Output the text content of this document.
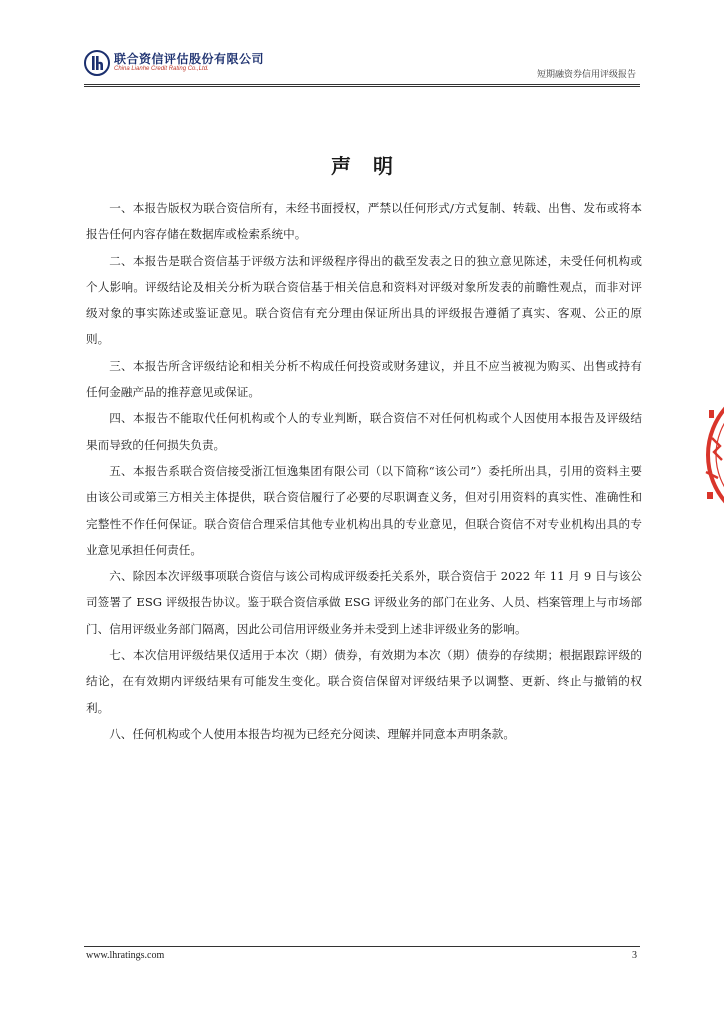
联合资信评估股份有限公司
China Lianhe Credit Rating Co.,Ltd.
短期融资券信用评级报告
声明

一、本报告版权为联合资信所有，未经书面授权，严禁以任何形式/方式复制、转载、出售、发布或将本报告任何内容存储在数据库或检索系统中。

二、本报告是联合资信基于评级方法和评级程序得出的截至发表之日的独立意见陈述，未受任何机构或个人影响。评级结论及相关分析为联合资信基于相关信息和资料对评级对象所发表的前瞻性观点，而非对评级对象的事实陈述或鉴证意见。联合资信有充分理由保证所出具的评级报告遵循了真实、客观、公正的原则。

三、本报告所含评级结论和相关分析不构成任何投资或财务建议，并且不应当被视为购买、出售或持有任何金融产品的推荐意见或保证。

四、本报告不能取代任何机构或个人的专业判断，联合资信不对任何机构或个人因使用本报告及评级结果而导致的任何损失负责。

五、本报告系联合资信接受浙江恒逸集团有限公司（以下简称“该公司”）委托所出具，引用的资料主要由该公司或第三方相关主体提供，联合资信履行了必要的尽职调查义务，但对引用资料的真实性、准确性和完整性不作任何保证。联合资信合理采信其他专业机构出具的专业意见，但联合资信不对专业机构出具的专业意见承担任何责任。

六、除因本次评级事项联合资信与该公司构成评级委托关系外，联合资信于 2022 年 11 月 9 日与该公司签署了 ESG 评级报告协议。鉴于联合资信承做 ESG 评级业务的部门在业务、人员、档案管理上与市场部门、信用评级业务部门隔离，因此公司信用评级业务并未受到上述非评级业务的影响。

七、本次信用评级结果仅适用于本次（期）债券，有效期为本次（期）债券的存续期；根据跟踪评级的结论，在有效期内评级结果有可能发生变化。联合资信保留对评级结果予以调整、更新、终止与撤销的权利。

八、任何机构或个人使用本报告均视为已经充分阅读、理解并同意本声明条款。

www.lhratings.com	3
